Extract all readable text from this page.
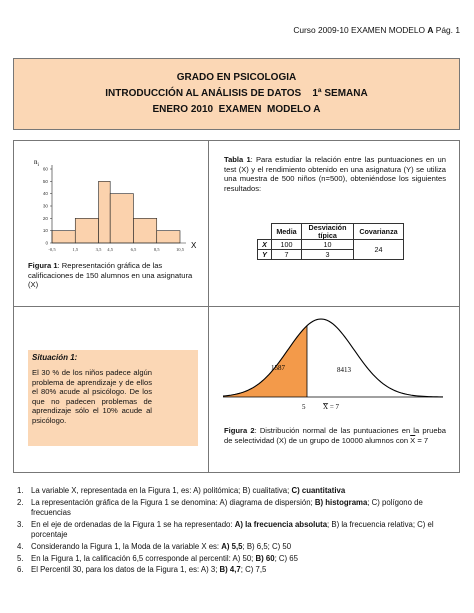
Curso 2009-10 EXAMEN MODELO A Pág. 1
GRADO EN PSICOLOGIA
INTRODUCCIÓN AL ANÁLISIS DE DATOS    1ª SEMANA
ENERO 2010  EXAMEN  MODELO A
$n_i$
X
0
10
20
30
40
50
60
-0,5	1,5	3,5 4,5	6,5	8,5	10,5
Figura 1: Representación gráfica de las calificaciones de 150 alumnos en una asignatura (X)
Tabla 1: Para estudiar la relación entre las puntuaciones en un test (X) y el rendimiento obtenido en una asignatura (Y) se utiliza una muestra de 500 niños (n=500), obteniéndose los siguientes resultados:
	Media	Desviación típica	Covarianza
X	100	10	24
Y	7	3	
Situación 1:
El 30 % de los niños padece algún problema de aprendizaje y de ellos el 80% acude al psicólogo. De los que no padecen problemas de aprendizaje sólo el 10% acude al psicólogo.
1587	8413
5	X = 7
Figura 2: Distribución normal de las puntuaciones en la prueba de selectividad (X) de un grupo de 10000 alumnos con $\overline{X} = 7$
1. La variable X, representada en la Figura 1, es: A) politómica; B) cualitativa; C) cuantitativa
2. La representación gráfica de la Figura 1 se denomina: A) diagrama de dispersión; B) histograma; C) polígono de frecuencias
3. En el eje de ordenadas de la Figura 1 se ha representado: A) la frecuencia absoluta; B) la frecuencia relativa; C) el porcentaje
4. Considerando la Figura 1, la Moda de la variable X es: A) 5,5; B) 6,5; C) 50
5. En la Figura 1, la calificación 6,5 corresponde al percentil: A) 50; B) 60; C) 65
6. El Percentil 30, para los datos de la Figura 1, es: A) 3; B) 4,7; C) 7,5
